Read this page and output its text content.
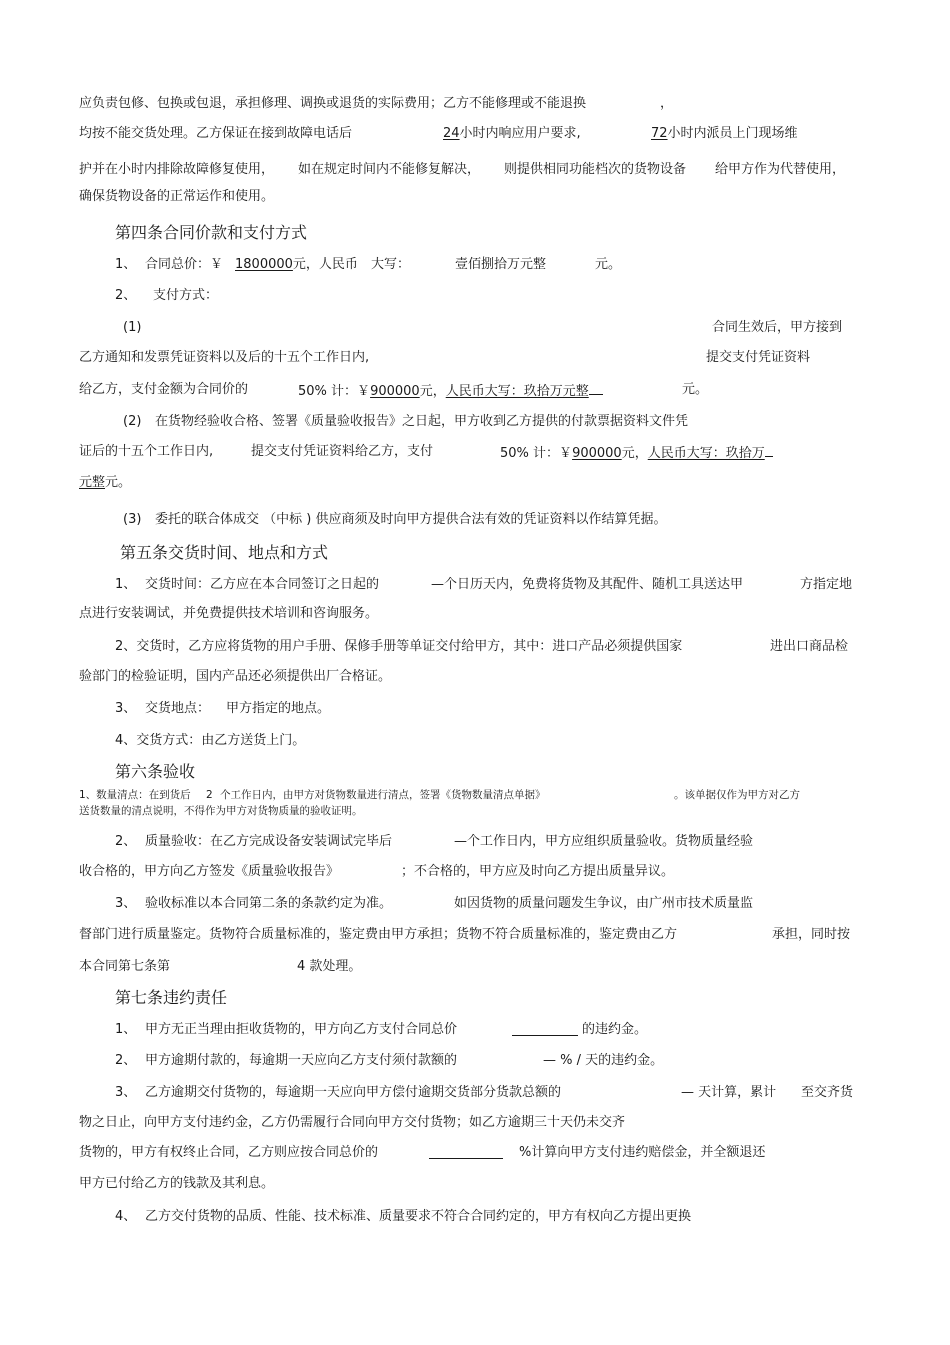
应负责包修、包换或包退，承担修理、调换或退货的实际费用；乙方不能修理或不能退换	，
均按不能交货处理。乙方保证在接到故障电话后	24小时内响应用户要求,	72小时内派员上门现场维
护并在小时内排除故障修复使用， 如在规定时间内不能修复解决， 则提供相同功能档次的货物设备 给甲方作为代替使用，
确保货物设备的正常运作和使用。
第四条合同价款和支付方式
1、 合同总价：￥ 1800000元，人民币 大写：	壹佰捌拾万元整	元。
2、 支付方式：
(1)	合同生效后，甲方接到
乙方通知和发票凭证资料以及后的十五个工作日内,	提交支付凭证资料
给乙方，支付金额为合同价的	50% 计：￥900000元，人民币大写：玖拾万元整	元。
(2) 在货物经验收合格、签署《质量验收报告》之日起，甲方收到乙方提供的付款票据资料文件凭
证后的十五个工作日内,	提交支付凭证资料给乙方，支付	50% 计：￥900000元，人民币大写：玖拾万
元整元。
(3) 委托的联合体成交 （中标 ) 供应商须及时向甲方提供合法有效的凭证资料以作结算凭据。
第五条交货时间、地点和方式
1、 交货时间：乙方应在本合同签订之日起的	—个日历天内，免费将货物及其配件、随机工具送达甲	方指定地
点进行安装调试，并免费提供技术培训和咨询服务。
2、交货时，乙方应将货物的用户手册、保修手册等单证交付给甲方，其中：进口产品必须提供国家	进出口商品检
验部门的检验证明，国内产品还必须提供出厂合格证。
3、 交货地点： 甲方指定的地点。
4、交货方式：由乙方送货上门。
第六条验收
1、数量清点：在到货后 2 个工作日内，由甲方对货物数量进行清点，签署《货物数量清点单据》	。该单据仅作为甲方对乙方
送货数量的清点说明，不得作为甲方对货物质量的验收证明。
2、 质量验收：在乙方完成设备安装调试完毕后	—个工作日内，甲方应组织质量验收。货物质量经验
收合格的，甲方向乙方签发《质量验收报告》	；不合格的，甲方应及时向乙方提出质量异议。
3、 验收标准以本合同第二条的条款约定为准。	如因货物的质量问题发生争议，由广州市技术质量监
督部门进行质量鉴定。货物符合质量标准的，鉴定费由甲方承担；货物不符合质量标准的，鉴定费由乙方	承担，同时按
本合同第七条第	4 款处理。
第七条违约责任
1、 甲方无正当理由拒收货物的，甲方向乙方支付合同总价	的违约金。
2、 甲方逾期付款的，每逾期一天应向乙方支付须付款额的	— % / 天的违约金。
3、 乙方逾期交付货物的，每逾期一天应向甲方偿付逾期交货部分货款总额的	— 天计算，累计 至交齐货
物之日止，向甲方支付违约金，乙方仍需履行合同向甲方交付货物；如乙方逾期三十天仍未交齐
货物的，甲方有权终止合同，乙方则应按合同总价的	%计算向甲方支付违约赔偿金，并全额退还
甲方已付给乙方的钱款及其利息。
4、 乙方交付货物的品质、性能、技术标准、质量要求不符合合同约定的，甲方有权向乙方提出更换
